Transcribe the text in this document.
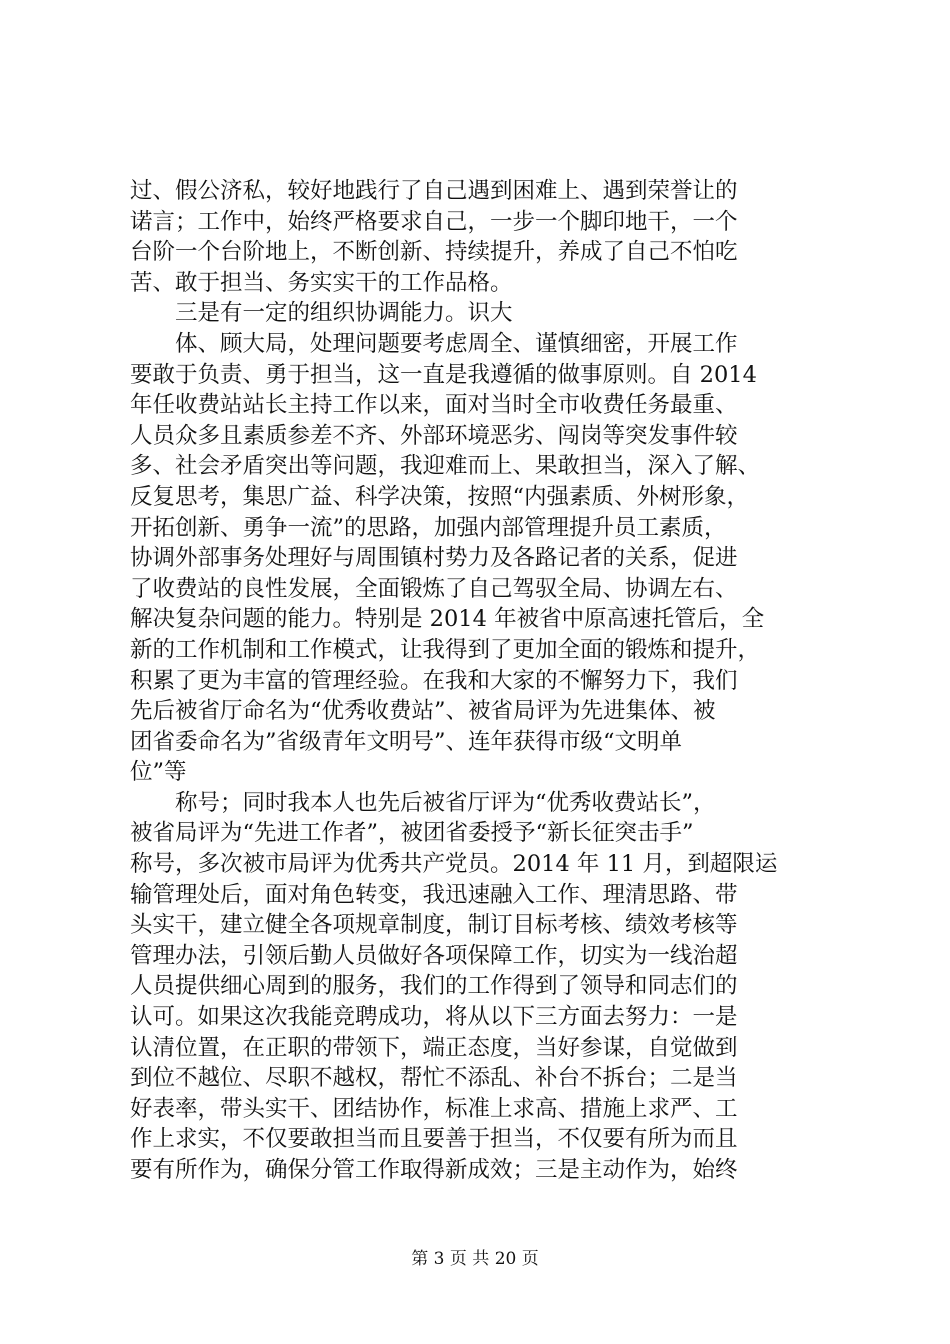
过、假公济私，较好地践行了自己遇到困难上、遇到荣誉让的
诺言；工作中，始终严格要求自己，一步一个脚印地干，一个
台阶一个台阶地上，不断创新、持续提升，养成了自己不怕吃
苦、敢于担当、务实实干的工作品格。
　　三是有一定的组织协调能力。识大
　　体、顾大局，处理问题要考虑周全、谨慎细密，开展工作
要敢于负责、勇于担当，这一直是我遵循的做事原则。自 2014
年任收费站站长主持工作以来，面对当时全市收费任务最重、
人员众多且素质参差不齐、外部环境恶劣、闯岗等突发事件较
多、社会矛盾突出等问题，我迎难而上、果敢担当，深入了解、
反复思考，集思广益、科学决策，按照“内强素质、外树形象，
开拓创新、勇争一流”的思路，加强内部管理提升员工素质，
协调外部事务处理好与周围镇村势力及各路记者的关系，促进
了收费站的良性发展，全面锻炼了自己驾驭全局、协调左右、
解决复杂问题的能力。特别是 2014 年被省中原高速托管后，全
新的工作机制和工作模式，让我得到了更加全面的锻炼和提升，
积累了更为丰富的管理经验。在我和大家的不懈努力下，我们
先后被省厅命名为“优秀收费站”、被省局评为先进集体、被
团省委命名为”省级青年文明号”、连年获得市级“文明单
位”等
　　称号；同时我本人也先后被省厅评为“优秀收费站长”，
被省局评为“先进工作者”，被团省委授予“新长征突击手”
称号，多次被市局评为优秀共产党员。2014 年 11 月，到超限运
输管理处后，面对角色转变，我迅速融入工作、理清思路、带
头实干，建立健全各项规章制度，制订目标考核、绩效考核等
管理办法，引领后勤人员做好各项保障工作，切实为一线治超
人员提供细心周到的服务，我们的工作得到了领导和同志们的
认可。如果这次我能竞聘成功，将从以下三方面去努力：一是
认清位置，在正职的带领下，端正态度，当好参谋，自觉做到
到位不越位、尽职不越权，帮忙不添乱、补台不拆台；二是当
好表率，带头实干、团结协作，标准上求高、措施上求严、工
作上求实，不仅要敢担当而且要善于担当，不仅要有所为而且
要有所作为，确保分管工作取得新成效；三是主动作为，始终
第 3 页 共 20 页
